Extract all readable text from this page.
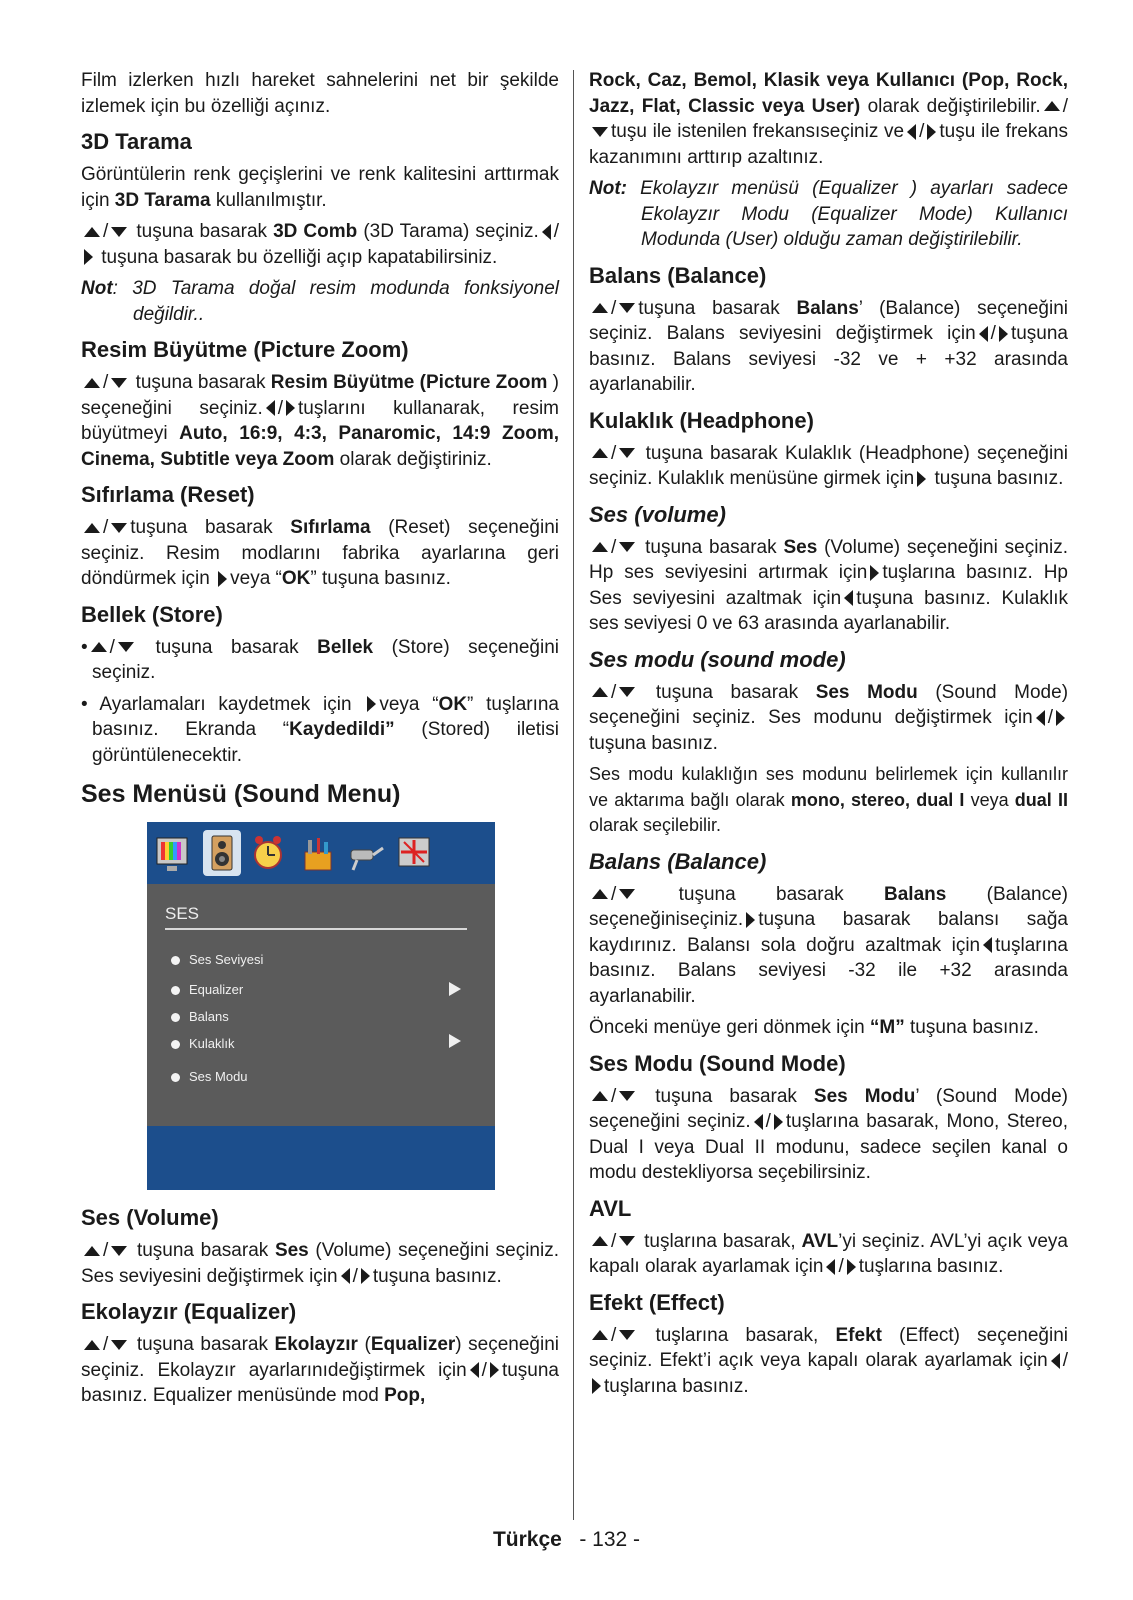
Film izlerken hızlı hareket sahnelerini net bir şekilde izlemek için bu özelliği açınız.

3D Tarama

Görüntülerin renk geçişlerini ve renk kalitesini arttırmak için 3D Tarama kullanılmıştır.

/ tuşuna basarak 3D Comb (3D Tarama) seçiniz. / tuşuna basarak bu özelliği açıp kapatabilirsiniz.

Not: 3D Tarama doğal resim modunda fonksiyonel değildir..

Resim Büyütme (Picture Zoom)

/ tuşuna basarak Resim Büyütme (Picture Zoom ) seçeneğini seçiniz. / tuşlarını kullanarak, resim büyütmeyi Auto, 16:9, 4:3, Panaromic, 14:9 Zoom, Cinema, Subtitle veya Zoom olarak değiştiriniz.

Sıfırlama (Reset)

/ tuşuna basarak Sıfırlama (Reset) seçeneğini seçiniz. Resim modlarını fabrika ayarlarına geri döndürmek için veya “OK” tuşuna basınız.

Bellek (Store)

• / tuşuna basarak Bellek (Store) seçeneğini seçiniz.

• Ayarlamaları kaydetmek için veya “OK” tuşlarına basınız. Ekranda “Kaydedildi” (Stored) iletisi görüntülenecektir.

Ses Menüsü (Sound Menu)
SES
Ses Seviyesi
Equalizer
Balans
Kulaklık
Ses Modu
Ses (Volume)

/ tuşuna basarak Ses (Volume) seçeneğini seçiniz. Ses seviyesini değiştirmek için / tuşuna basınız.

Ekolayzır (Equalizer)

/ tuşuna basarak Ekolayzır (Equalizer) seçeneğini seçiniz. Ekolayzır ayarlarınıdeğiştirmek için / tuşuna basınız. Equalizer menüsünde mod Pop,

Rock, Caz, Bemol, Klasik veya Kullanıcı (Pop, Rock, Jazz, Flat, Classic veya User) olarak değiştirilebilir. /tuşu ile istenilen frekansıseçiniz ve / tuşu ile frekans kazanımını arttırıp azaltınız.

Not: Ekolayzır menüsü (Equalizer ) ayarları sadece Ekolayzır Modu (Equalizer Mode) Kullanıcı Modunda (User) olduğu zaman değiştirilebilir.

Balans (Balance)

/ tuşuna basarak Balans’ (Balance) seçeneğini seçiniz. Balans seviyesini değiştirmek için / tuşuna basınız. Balans seviyesi -32 ve + +32 arasında ayarlanabilir.

Kulaklık (Headphone)

/ tuşuna basarak Kulaklık (Headphone) seçeneğini seçiniz. Kulaklık menüsüne girmek için tuşuna basınız.

Ses (volume)

/ tuşuna basarak Ses (Volume) seçeneğini seçiniz. Hp ses seviyesini artırmak için tuşlarına basınız. Hp Ses seviyesini azaltmak için tuşuna basınız. Kulaklık ses seviyesi 0 ve 63 arasında ayarlanabilir.

Ses modu (sound mode)

/ tuşuna basarak Ses Modu (Sound Mode) seçeneğini seçiniz. Ses modunu değiştirmek için /tuşuna basınız.

Ses modu kulaklığın ses modunu belirlemek için kullanılır ve aktarıma bağlı olarak mono, stereo, dual I veya dual II olarak seçilebilir.

Balans (Balance)

/	tuşuna basarak Balans (Balance) seçeneğiniseçiniz. tuşuna basarak balansı sağa kaydırınız. Balansı sola doğru azaltmak için tuşlarına basınız. Balans seviyesi -32 ile +32 arasında ayarlanabilir.

Önceki menüye geri dönmek için “M” tuşuna basınız.

Ses Modu (Sound Mode)

/ tuşuna basarak Ses Modu’ (Sound Mode) seçeneğini seçiniz. / tuşlarına basarak, Mono, Stereo, Dual I veya Dual II modunu, sadece seçilen kanal o modu destekliyorsa seçebilirsiniz.

AVL

/ tuşlarına basarak, AVL’yi seçiniz. AVL’yi açık veya kapalı olarak ayarlamak için / tuşlarına basınız.

Efekt (Effect)

/ tuşlarına basarak, Efekt (Effect) seçeneğini seçiniz. Efekt’i açık veya kapalı olarak ayarlamak için /tuşlarına basınız.

Türkçe - 132 -
